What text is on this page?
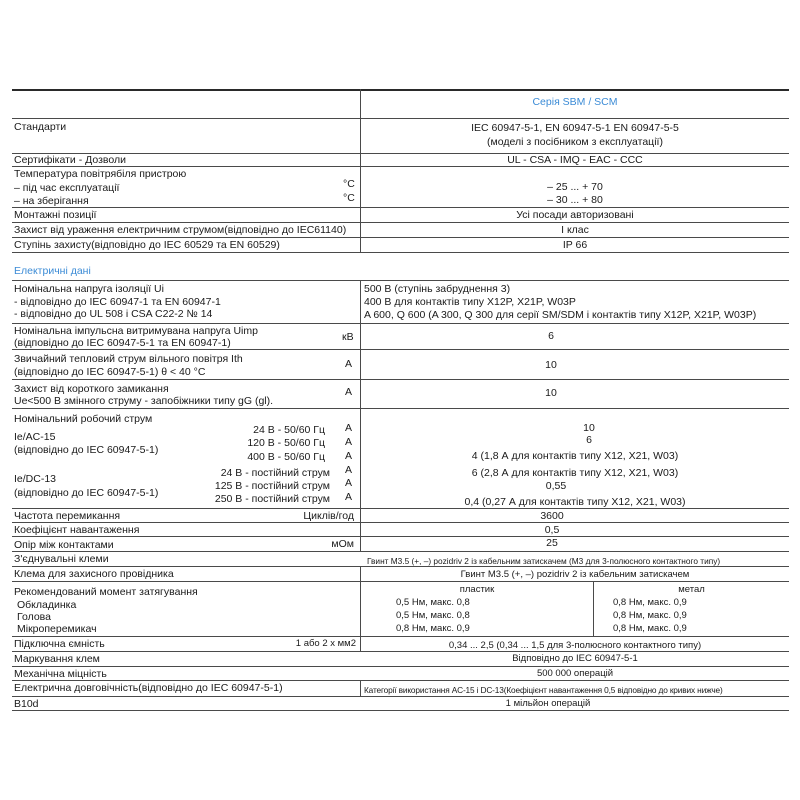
Серія SBM / SCM
Стандарти	IEC 60947-5-1, EN 60947-5-1 EN 60947-5-5
(моделі з посібником з експлуатації)
Сертифікати - Дозволи	UL - CSA - IMQ - EAC - CCC
Температура повітрябіля пристрою
– під час експлуатації	°C	– 25 ... + 70
– на зберігання	°C	– 30 ... + 80
Монтажні позиції	Усі посади авторизовані
Захист від ураження електричним струмом(відповідно до IEC61140)	I клас
Ступінь захисту(відповідно до IEC 60529 та EN 60529)	IP 66
Електричні дані
Номінальна напруга ізоляції Ui
- відповідно до IEC 60947-1 та EN 60947-1
- відповідно до UL 508 і CSA C22-2 № 14
500 В (ступінь забруднення 3)
400 В для контактів типу X12P, X21P, W03P
A 600, Q 600 (A 300, Q 300 для серії SM/SDM і контактів типу X12P, X21P, W03P)
Номінальна імпульсна витримувана напруга Uimp
(відповідно до IEC 60947-5-1 та EN 60947-1)	кВ	6
Звичайний тепловий струм вільного повітря Ith
(відповідно до IEC 60947-5-1) θ < 40 °C
A	10
Захист від короткого замикання
Ue<500 В змінного струму - запобіжники типу gG (gl).
A	10
Номінальний робочий струм
Ie/AC-15
(відповідно до IEC 60947-5-1)
24 В - 50/60 Гц A	10
120 В - 50/60 Гц A	6
400 В - 50/60 Гц A	4 (1,8 А для контактів типу X12, X21, W03)
Ie/DC-13
(відповідно до IEC 60947-5-1)
24 В - постійний струм A	6 (2,8 А для контактів типу X12, X21, W03)
125 В - постійний струм A	0,55
250 В - постійний струм A	0,4 (0,27 А для контактів типу X12, X21, W03)
Частота перемикання	Циклів/год	3600
Коефіцієнт навантаження	0,5
Опір між контактами	мОм	25
З'єднувальні клеми	Гвинт M3.5 (+, –) pozidriv 2 із кабельним затискачем (M3 для 3-полюсного контактного типу)
Клема для захисного провідника	Гвинт M3.5 (+, –) pozidriv 2 із кабельним затискачем
Рекомендований момент затягування	пластик	метал
Обкладинка	0,5 Нм, макс. 0,8	0,8 Нм, макс. 0,9
Голова	0,5 Нм, макс. 0,8	0,8 Нм, макс. 0,9
Мікроперемикач	0,8 Нм, макс. 0,9	0,8 Нм, макс. 0,9
Підключна ємність	1 або 2 x мм2	0,34 ... 2,5 (0,34 ... 1,5 для 3-полюсного контактного типу)
Маркування клем	Відповідно до IEC 60947-5-1
Механічна міцність	500 000 операцій
Електрична довговічність(відповідно до IEC 60947-5-1)	Категорії використання AC-15 і DC-13(Коефіцієнт навантаження 0,5 відповідно до кривих нижче)
B10d	1 мільйон операцій
